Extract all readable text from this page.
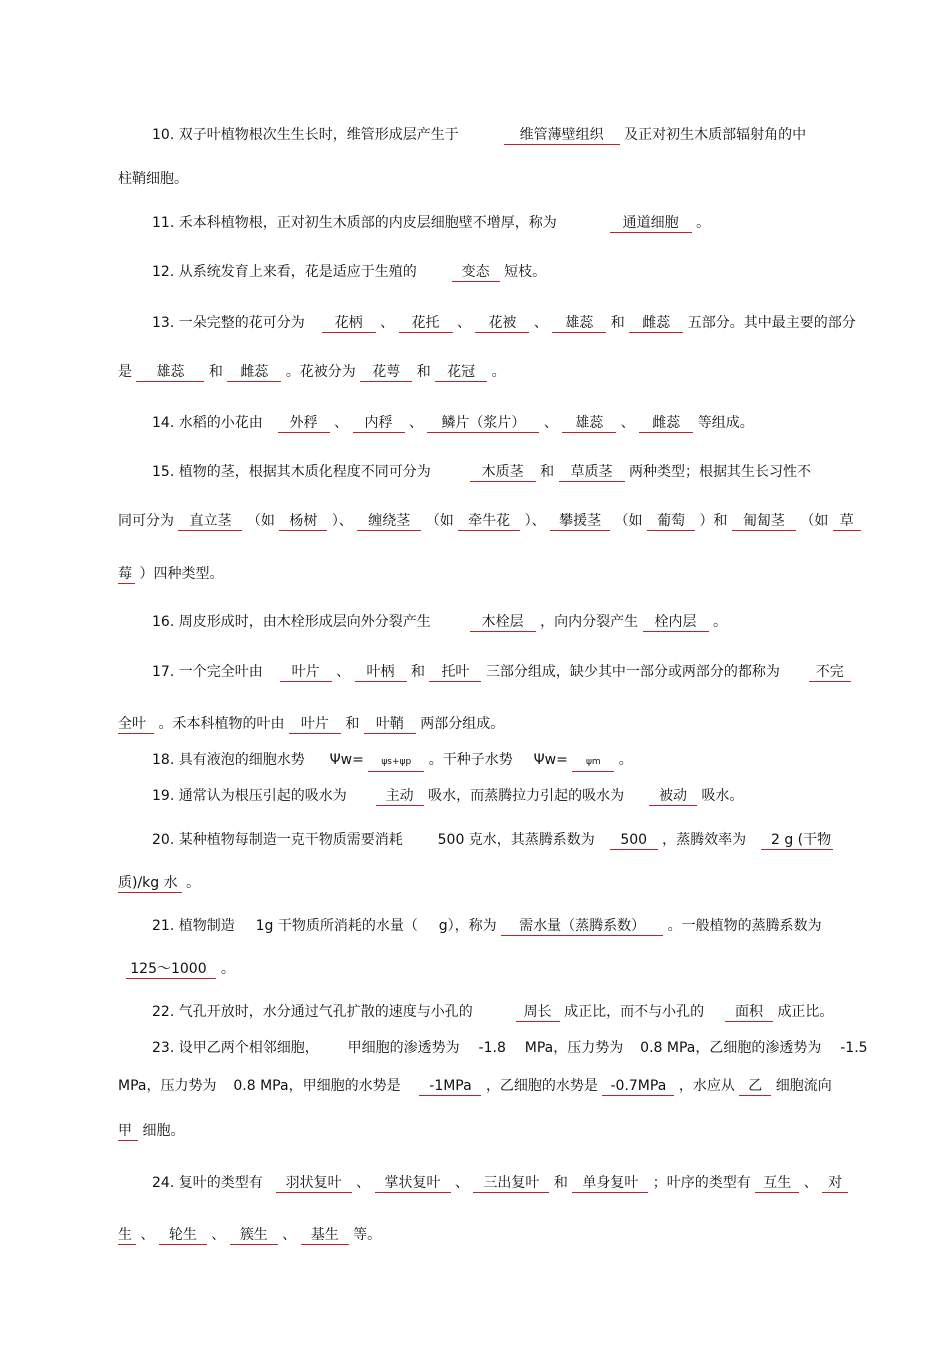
10. 双子叶植物根次生生长时，维管形成层产生于	维管薄壁组织 及正对初生木质部辐射角的中
柱鞘细胞。
11. 禾本科植物根，正对初生木质部的内皮层细胞壁不增厚，称为	通道细胞 。
12. 从系统发育上来看，花是适应于生殖的	变态 短枝。
13. 一朵完整的花可分为 花柄 、 花托 、 花被 、 雄蕊 和 雌蕊 五部分。其中最主要的部分
是 雄蕊 和 雌蕊 。花被分为 花萼 和 花冠 。
14. 水稻的小花由 外稃 、 内稃 、 鳞片（浆片） 、 雄蕊 、 雌蕊 等组成。
15. 植物的茎，根据其木质化程度不同可分为	木质茎 和 草质茎 两种类型；根据其生长习性不
同可分为 直立茎 （如 杨树 ）、 缠绕茎 （如 牵牛花 ）、 攀援茎 （如 葡萄 ）和 匍匐茎 （如 草
莓 ）四种类型。
16. 周皮形成时，由木栓形成层向外分裂产生	木栓层 ，向内分裂产生 栓内层 。
17. 一个完全叶由 叶片 、 叶柄 和 托叶 三部分组成，缺少其中一部分或两部分的都称为	不完
全叶 。禾本科植物的叶由 叶片 和 叶鞘 两部分组成。
18. 具有液泡的细胞水势 Ψw= ψs+ψp 。干种子水势 Ψw= ψm 。
19. 通常认为根压引起的吸水为	主动 吸水，而蒸腾拉力引起的吸水为 被动 吸水。
20. 某种植物每制造一克干物质需要消耗 500 克水，其蒸腾系数为 500 ，蒸腾效率为 2 g (干物
质)/kg 水 。
21. 植物制造 1g 干物质所消耗的水量（ g），称为 需水量（蒸腾系数） 。一般植物的蒸腾系数为
125～1000 。
22. 气孔开放时，水分通过气孔扩散的速度与小孔的	周长 成正比，而不与小孔的 面积 成正比。
23. 设甲乙两个相邻细胞， 甲细胞的渗透势为 -1.8 MPa，压力势为 0.8 MPa，乙细胞的渗透势为 -1.5
MPa，压力势为 0.8 MPa，甲细胞的水势是 -1MPa ，乙细胞的水势是 -0.7MPa ，水应从 乙 细胞流向
甲 细胞。
24. 复叶的类型有 羽状复叶 、 掌状复叶 、 三出复叶 和 单身复叶 ；叶序的类型有 互生 、 对
生 、 轮生 、 簇生 、 基生 等。
